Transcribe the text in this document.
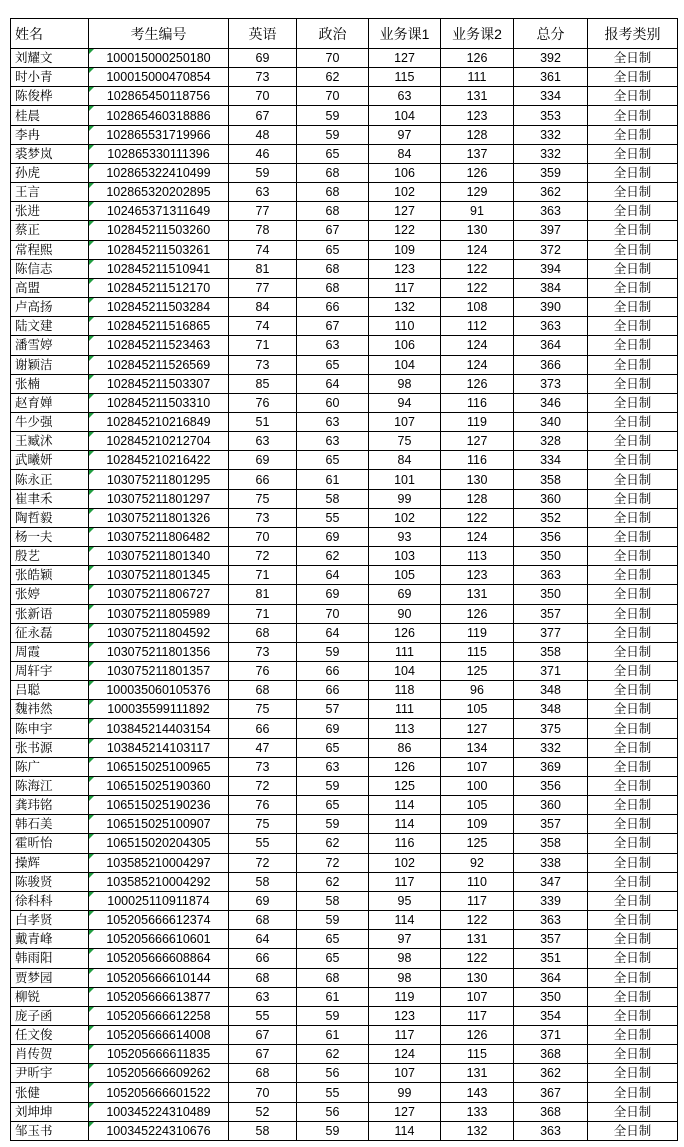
姓名	考生编号	英语	政治	业务课1	业务课2	总分	报考类别
刘耀文	100015000250180	69	70	127	126	392	全日制
时小青	100015000470854	73	62	115	111	361	全日制
陈俊桦	102865450118756	70	70	63	131	334	全日制
桂晨	102865460318886	67	59	104	123	353	全日制
李冉	102865531719966	48	59	97	128	332	全日制
裘梦岚	102865330111396	46	65	84	137	332	全日制
孙虎	102865322410499	59	68	106	126	359	全日制
王言	102865320202895	63	68	102	129	362	全日制
张进	102465371311649	77	68	127	91	363	全日制
蔡正	102845211503260	78	67	122	130	397	全日制
常程熙	102845211503261	74	65	109	124	372	全日制
陈信志	102845211510941	81	68	123	122	394	全日制
高盟	102845211512170	77	68	117	122	384	全日制
卢高扬	102845211503284	84	66	132	108	390	全日制
陆文建	102845211516865	74	67	110	112	363	全日制
潘雪婷	102845211523463	71	63	106	124	364	全日制
谢颖洁	102845211526569	73	65	104	124	366	全日制
张楠	102845211503307	85	64	98	126	373	全日制
赵育婵	102845211503310	76	60	94	116	346	全日制
牛少强	102845210216849	51	63	107	119	340	全日制
王臧沭	102845210212704	63	63	75	127	328	全日制
武曦妍	102845210216422	69	65	84	116	334	全日制
陈永正	103075211801295	66	61	101	130	358	全日制
崔聿禾	103075211801297	75	58	99	128	360	全日制
陶哲毅	103075211801326	73	55	102	122	352	全日制
杨一夫	103075211806482	70	69	93	124	356	全日制
殷艺	103075211801340	72	62	103	113	350	全日制
张皓颖	103075211801345	71	64	105	123	363	全日制
张婷	103075211806727	81	69	69	131	350	全日制
张新语	103075211805989	71	70	90	126	357	全日制
征永磊	103075211804592	68	64	126	119	377	全日制
周霞	103075211801356	73	59	111	115	358	全日制
周轩宇	103075211801357	76	66	104	125	371	全日制
吕聪	100035060105376	68	66	118	96	348	全日制
魏祎然	100035599111892	75	57	111	105	348	全日制
陈申宇	103845214403154	66	69	113	127	375	全日制
张书源	103845214103117	47	65	86	134	332	全日制
陈广	106515025100965	73	63	126	107	369	全日制
陈海江	106515025190360	72	59	125	100	356	全日制
龚玮铭	106515025190236	76	65	114	105	360	全日制
韩石美	106515025100907	75	59	114	109	357	全日制
霍昕怡	106515020204305	55	62	116	125	358	全日制
操辉	103585210004297	72	72	102	92	338	全日制
陈骏贤	103585210004292	58	62	117	110	347	全日制
徐科科	100025110911874	69	58	95	117	339	全日制
白孝贤	105205666612374	68	59	114	122	363	全日制
戴青峰	105205666610601	64	65	97	131	357	全日制
韩雨阳	105205666608864	66	65	98	122	351	全日制
贾梦园	105205666610144	68	68	98	130	364	全日制
柳锐	105205666613877	63	61	119	107	350	全日制
庞子函	105205666612258	55	59	123	117	354	全日制
任文俊	105205666614008	67	61	117	126	371	全日制
肖传贺	105205666611835	67	62	124	115	368	全日制
尹昕宇	105205666609262	68	56	107	131	362	全日制
张健	105205666601522	70	55	99	143	367	全日制
刘坤坤	100345224310489	52	56	127	133	368	全日制
邹玉书	100345224310676	58	59	114	132	363	全日制
